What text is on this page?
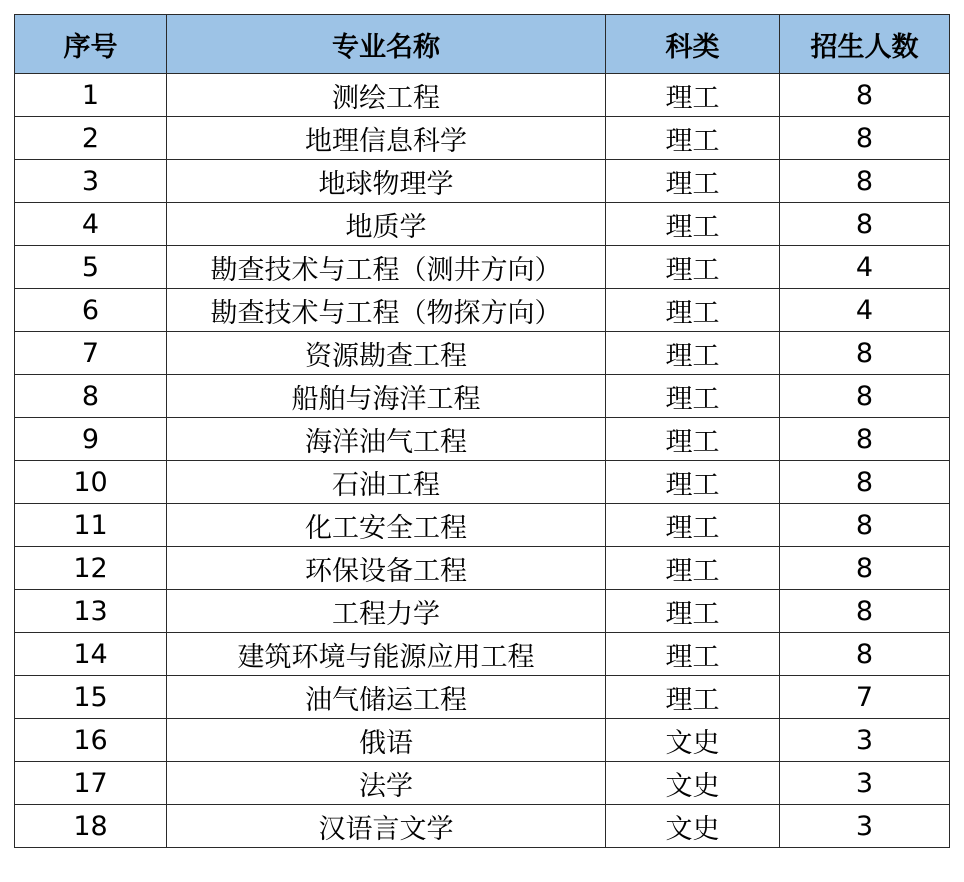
序号	专业名称	科类	招生人数
1	测绘工程	理工	8
2	地理信息科学	理工	8
3	地球物理学	理工	8
4	地质学	理工	8
5	勘查技术与工程（测井方向）	理工	4
6	勘查技术与工程（物探方向）	理工	4
7	资源勘查工程	理工	8
8	船舶与海洋工程	理工	8
9	海洋油气工程	理工	8
10	石油工程	理工	8
11	化工安全工程	理工	8
12	环保设备工程	理工	8
13	工程力学	理工	8
14	建筑环境与能源应用工程	理工	8
15	油气储运工程	理工	7
16	俄语	文史	3
17	法学	文史	3
18	汉语言文学	文史	3
